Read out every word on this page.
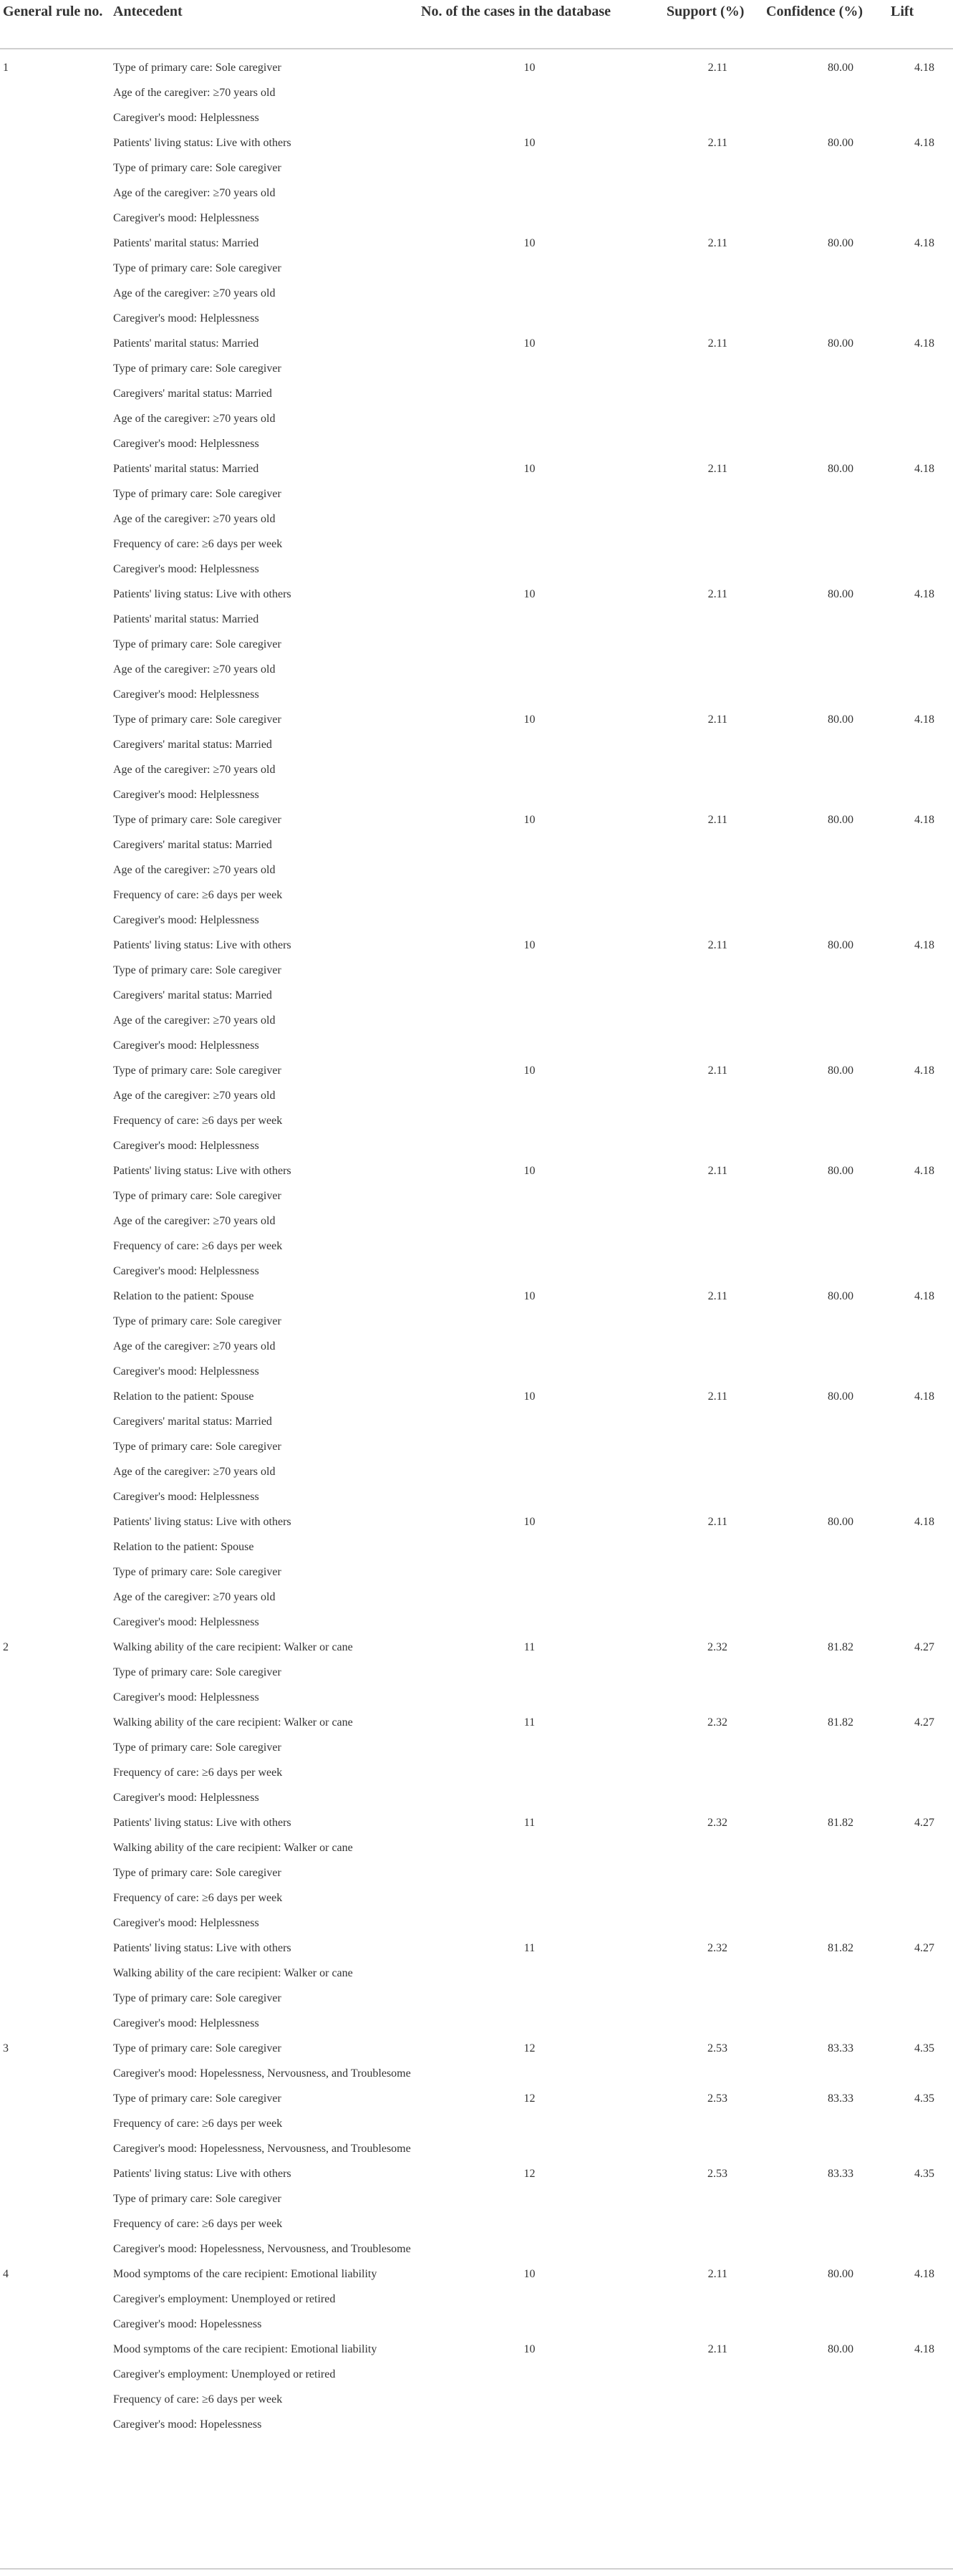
General rule no.	Antecedent	No. of the cases in the database	Support (%)	Confidence (%)	Lift
1	Type of primary care: Sole caregiver
Age of the caregiver: ≥70 years old
Caregiver's mood: Helplessness	10	2.11	80.00	4.18

	Patients' living status: Live with others
Type of primary care: Sole caregiver
Age of the caregiver: ≥70 years old
Caregiver's mood: Helplessness	10	2.11	80.00	4.18

	Patients' marital status: Married
Type of primary care: Sole caregiver
Age of the caregiver: ≥70 years old
Caregiver's mood: Helplessness	10	2.11	80.00	4.18

	Patients' marital status: Married
Type of primary care: Sole caregiver
Caregivers' marital status: Married
Age of the caregiver: ≥70 years old
Caregiver's mood: Helplessness	10	2.11	80.00	4.18

	Patients' marital status: Married
Type of primary care: Sole caregiver
Age of the caregiver: ≥70 years old
Frequency of care: ≥6 days per week
Caregiver's mood: Helplessness	10	2.11	80.00	4.18

	Patients' living status: Live with others
Patients' marital status: Married
Type of primary care: Sole caregiver
Age of the caregiver: ≥70 years old
Caregiver's mood: Helplessness	10	2.11	80.00	4.18

	Type of primary care: Sole caregiver
Caregivers' marital status: Married
Age of the caregiver: ≥70 years old
Caregiver's mood: Helplessness	10	2.11	80.00	4.18

	Type of primary care: Sole caregiver
Caregivers' marital status: Married
Age of the caregiver: ≥70 years old
Frequency of care: ≥6 days per week
Caregiver's mood: Helplessness	10	2.11	80.00	4.18

	Patients' living status: Live with others
Type of primary care: Sole caregiver
Caregivers' marital status: Married
Age of the caregiver: ≥70 years old
Caregiver's mood: Helplessness	10	2.11	80.00	4.18

	Type of primary care: Sole caregiver
Age of the caregiver: ≥70 years old
Frequency of care: ≥6 days per week
Caregiver's mood: Helplessness	10	2.11	80.00	4.18

	Patients' living status: Live with others
Type of primary care: Sole caregiver
Age of the caregiver: ≥70 years old
Frequency of care: ≥6 days per week
Caregiver's mood: Helplessness	10	2.11	80.00	4.18

	Relation to the patient: Spouse
Type of primary care: Sole caregiver
Age of the caregiver: ≥70 years old
Caregiver's mood: Helplessness	10	2.11	80.00	4.18

	Relation to the patient: Spouse
Caregivers' marital status: Married
Type of primary care: Sole caregiver
Age of the caregiver: ≥70 years old
Caregiver's mood: Helplessness	10	2.11	80.00	4.18

	Patients' living status: Live with others
Relation to the patient: Spouse
Type of primary care: Sole caregiver
Age of the caregiver: ≥70 years old
Caregiver's mood: Helplessness	10	2.11	80.00	4.18
2	Walking ability of the care recipient: Walker or cane
Type of primary care: Sole caregiver
Caregiver's mood: Helplessness	11	2.32	81.82	4.27

	Walking ability of the care recipient: Walker or cane
Type of primary care: Sole caregiver
Frequency of care: ≥6 days per week
Caregiver's mood: Helplessness	11	2.32	81.82	4.27

	Patients' living status: Live with others
Walking ability of the care recipient: Walker or cane
Type of primary care: Sole caregiver
Frequency of care: ≥6 days per week
Caregiver's mood: Helplessness	11	2.32	81.82	4.27

	Patients' living status: Live with others
Walking ability of the care recipient: Walker or cane
Type of primary care: Sole caregiver
Caregiver's mood: Helplessness	11	2.32	81.82	4.27
3	Type of primary care: Sole caregiver
Caregiver's mood: Hopelessness, Nervousness, and Troublesome	12	2.53	83.33	4.35

	Type of primary care: Sole caregiver
Frequency of care: ≥6 days per week
Caregiver's mood: Hopelessness, Nervousness, and Troublesome	12	2.53	83.33	4.35

	Patients' living status: Live with others
Type of primary care: Sole caregiver
Frequency of care: ≥6 days per week
Caregiver's mood: Hopelessness, Nervousness, and Troublesome	12	2.53	83.33	4.35
4	Mood symptoms of the care recipient: Emotional liability
Caregiver's employment: Unemployed or retired
Caregiver's mood: Hopelessness	10	2.11	80.00	4.18

	Mood symptoms of the care recipient: Emotional liability
Caregiver's employment: Unemployed or retired
Frequency of care: ≥6 days per week
Caregiver's mood: Hopelessness	10	2.11	80.00	4.18
